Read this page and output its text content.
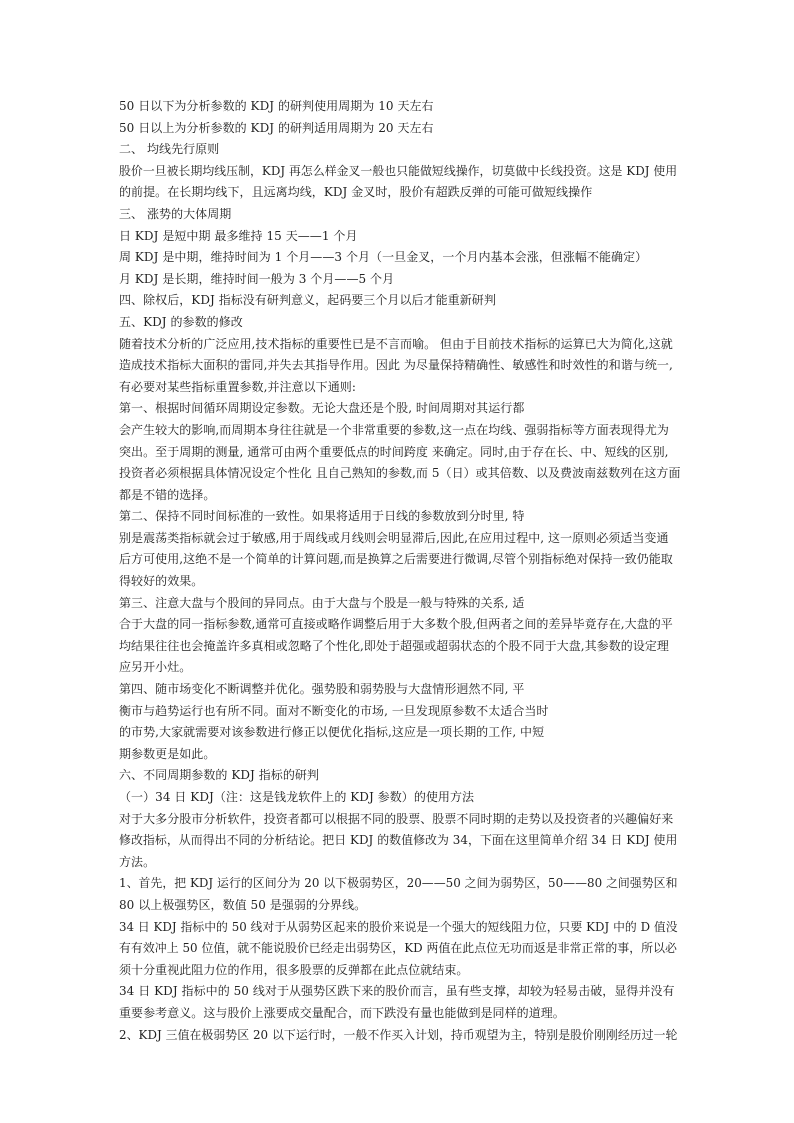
50 日以下为分析参数的 KDJ 的研判使用周期为 10 天左右
50 日以上为分析参数的 KDJ 的研判适用周期为 20 天左右
二、 均线先行原则
股价一旦被长期均线压制，KDJ 再怎么样金叉一般也只能做短线操作，切莫做中长线投资。这是 KDJ 使用
的前提。在长期均线下，且远离均线，KDJ 金叉时，股价有超跌反弹的可能可做短线操作
三、 涨势的大体周期
日 KDJ 是短中期 最多维持 15 天——1 个月
周 KDJ 是中期，维持时间为 1 个月——3 个月（一旦金叉，一个月内基本会涨，但涨幅不能确定）
月 KDJ 是长期，维持时间一般为 3 个月——5 个月
四、除权后，KDJ 指标没有研判意义，起码要三个月以后才能重新研判
五、KDJ 的参数的修改
随着技术分析的广泛应用,技术指标的重要性已是不言而喻。 但由于目前技术指标的运算已大为简化,这就
造成技术指标大面积的雷同,并失去其指导作用。因此 为尽量保持精确性、敏感性和时效性的和谐与统一,
有必要对某些指标重置参数,并注意以下通则:
第一、根据时间循环周期设定参数。无论大盘还是个股, 时间周期对其运行都
会产生较大的影响,而周期本身往往就是一个非常重要的参数,这一点在均线、强弱指标等方面表现得尤为
突出。至于周期的测量, 通常可由两个重要低点的时间跨度 来确定。同时,由于存在长、中、短线的区别,
投资者必须根据具体情况设定个性化 且自己熟知的参数,而 5（日）或其倍数、以及费波南兹数列在这方面
都是不错的选择。
第二、保持不同时间标准的一致性。如果将适用于日线的参数放到分时里, 特
别是震荡类指标就会过于敏感,用于周线或月线则会明显滞后,因此,在应用过程中, 这一原则必须适当变通
后方可使用,这绝不是一个简单的计算问题,而是换算之后需要进行微调,尽管个别指标绝对保持一致仍能取
得较好的效果。
第三、注意大盘与个股间的异同点。由于大盘与个股是一般与特殊的关系, 适
合于大盘的同一指标参数,通常可直接或略作调整后用于大多数个股,但两者之间的差异毕竟存在,大盘的平
均结果往往也会掩盖许多真相或忽略了个性化,即处于超强或超弱状态的个股不同于大盘,其参数的设定理
应另开小灶。
第四、随市场变化不断调整并优化。强势股和弱势股与大盘情形迥然不同, 平
衡市与趋势运行也有所不同。面对不断变化的市场, 一旦发现原参数不太适合当时
的市势,大家就需要对该参数进行修正以便优化指标,这应是一项长期的工作, 中短
期参数更是如此。
六、不同周期参数的 KDJ 指标的研判
（一）34 日 KDJ（注：这是钱龙软件上的 KDJ 参数）的使用方法
对于大多分股市分析软件，投资者都可以根据不同的股票、股票不同时期的走势以及投资者的兴趣偏好来
修改指标，从而得出不同的分析结论。把日 KDJ 的数值修改为 34，下面在这里简单介绍 34 日 KDJ 使用
方法。
1、首先，把 KDJ 运行的区间分为 20 以下极弱势区，20——50 之间为弱势区，50——80 之间强势区和
80 以上极强势区，数值 50 是强弱的分界线。
34 日 KDJ 指标中的 50 线对于从弱势区起来的股价来说是一个强大的短线阻力位，只要 KDJ 中的 D 值没
有有效冲上 50 位值，就不能说股价已经走出弱势区，KD 两值在此点位无功而返是非常正常的事，所以必
须十分重视此阻力位的作用，很多股票的反弹都在此点位就结束。
34 日 KDJ 指标中的 50 线对于从强势区跌下来的股价而言，虽有些支撑，却较为轻易击破，显得并没有
重要参考意义。这与股价上涨要成交量配合，而下跌没有量也能做到是同样的道理。
2、KDJ 三值在极弱势区 20 以下运行时，一般不作买入计划，持币观望为主，特别是股价刚刚经历过一轮
